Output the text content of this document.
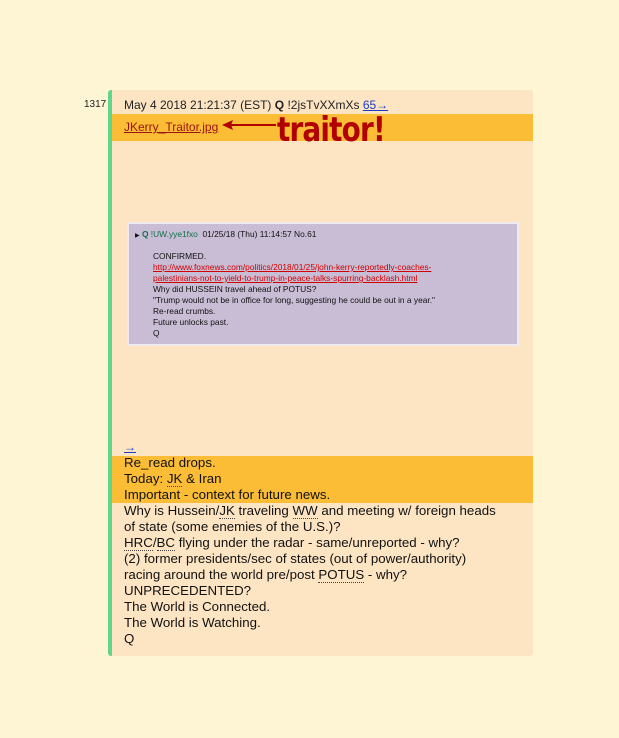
1317 May 4 2018 21:21:37 (EST) Q !2jsTvXXmXs 65→
JKerry_Traitor.jpg traitor!
▶ Q !UW.yye1fxo 01/25/18 (Thu) 11:14:57 No.61
CONFIRMED.
http://www.foxnews.com/politics/2018/01/25/john-kerry-reportedly-coaches-
palestinians-not-to-yield-to-trump-in-peace-talks-spurring-backlash.html
Why did HUSSEIN travel ahead of POTUS?
"Trump would not be in office for long, suggesting he could be out in a year."
Re-read crumbs.
Future unlocks past.
Q
→
Re_read drops.
Today: JK & Iran
Important - context for future news.
Why is Hussein/JK traveling WW and meeting w/ foreign heads
of state (some enemies of the U.S.)?
HRC/BC flying under the radar - same/unreported - why?
(2) former presidents/sec of states (out of power/authority)
racing around the world pre/post POTUS - why?
UNPRECEDENTED?
The World is Connected.
The World is Watching.
Q
